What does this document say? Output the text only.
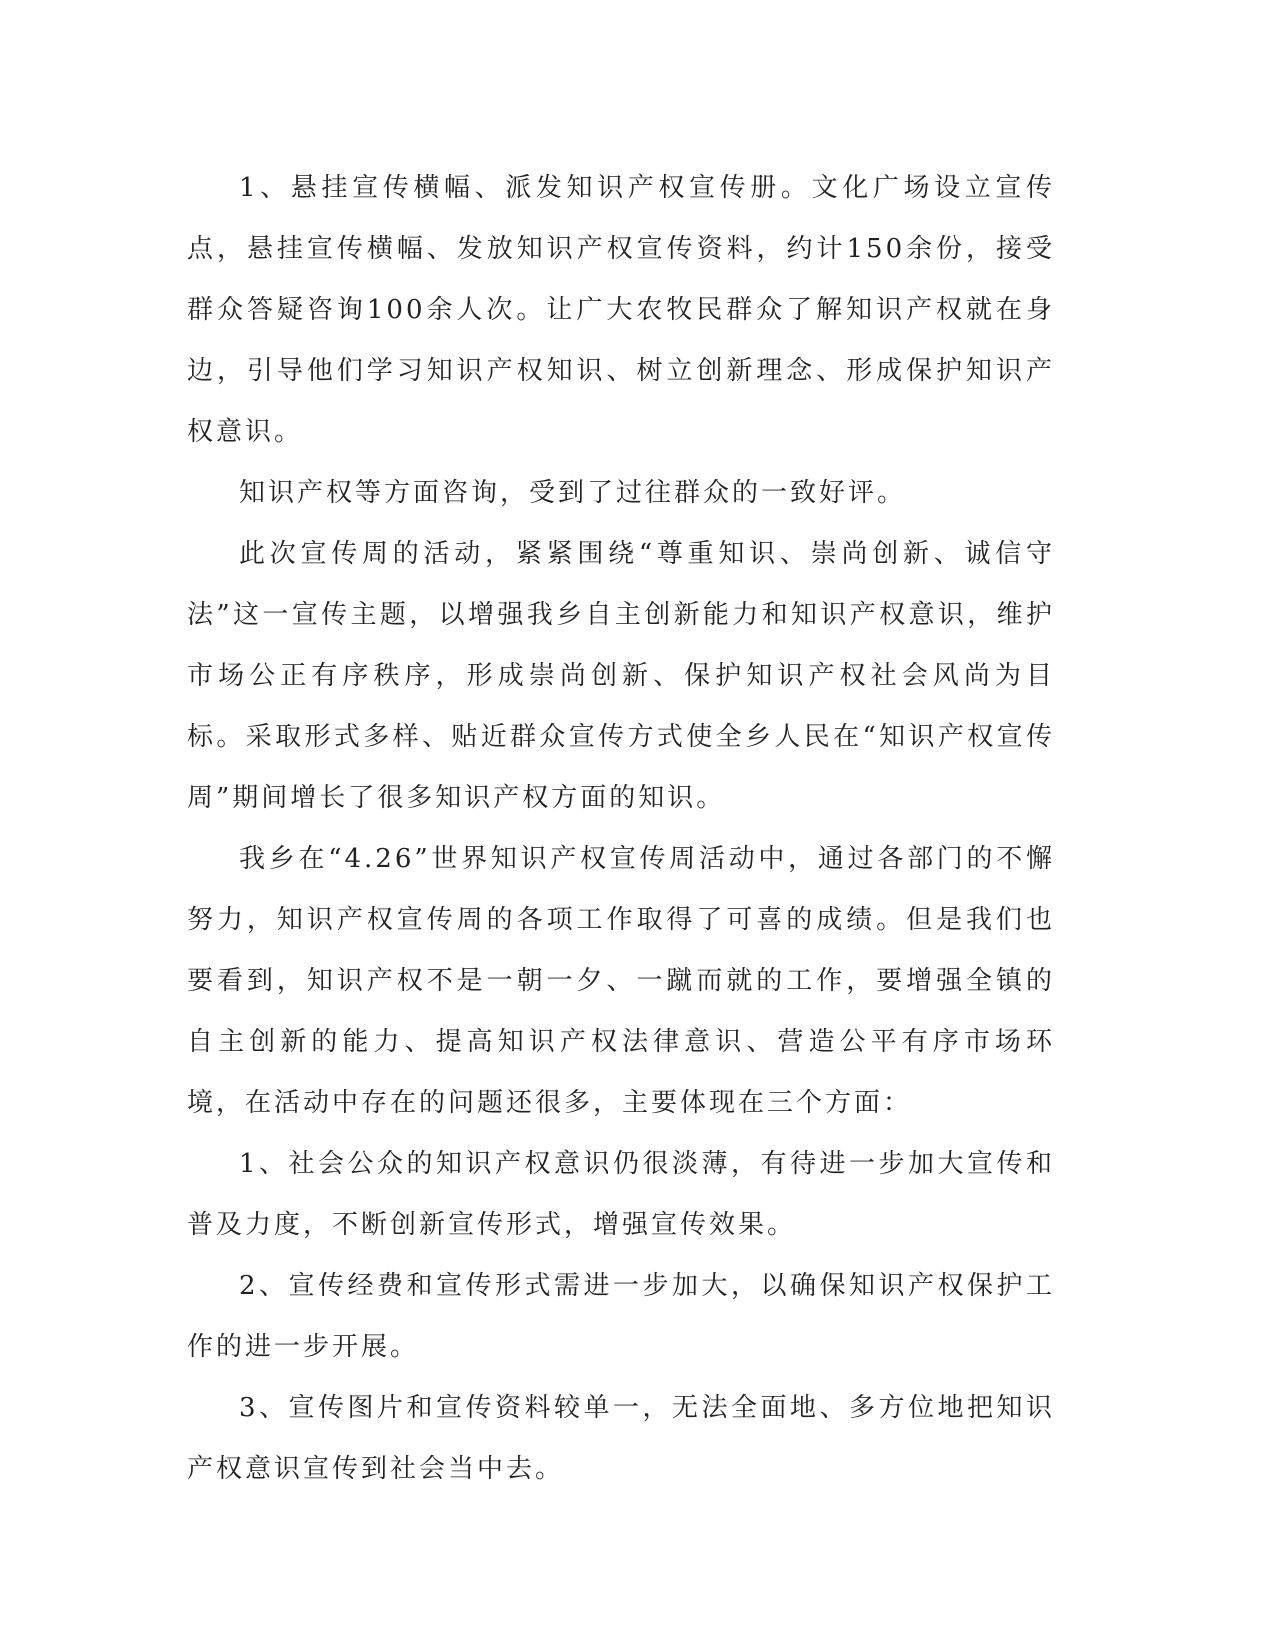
1、悬挂宣传横幅、派发知识产权宣传册。文化广场设立宣传点，悬挂宣传横幅、发放知识产权宣传资料，约计150余份，接受群众答疑咨询100余人次。让广大农牧民群众了解知识产权就在身边，引导他们学习知识产权知识、树立创新理念、形成保护知识产权意识。

知识产权等方面咨询，受到了过往群众的一致好评。

此次宣传周的活动，紧紧围绕“尊重知识、崇尚创新、诚信守法”这一宣传主题，以增强我乡自主创新能力和知识产权意识，维护市场公正有序秩序，形成崇尚创新、保护知识产权社会风尚为目标。采取形式多样、贴近群众宣传方式使全乡人民在“知识产权宣传周”期间增长了很多知识产权方面的知识。

我乡在“4.26”世界知识产权宣传周活动中，通过各部门的不懈努力，知识产权宣传周的各项工作取得了可喜的成绩。但是我们也要看到，知识产权不是一朝一夕、一蹴而就的工作，要增强全镇的自主创新的能力、提高知识产权法律意识、营造公平有序市场环境，在活动中存在的问题还很多，主要体现在三个方面：

1、社会公众的知识产权意识仍很淡薄，有待进一步加大宣传和普及力度，不断创新宣传形式，增强宣传效果。

2、宣传经费和宣传形式需进一步加大，以确保知识产权保护工作的进一步开展。

3、宣传图片和宣传资料较单一，无法全面地、多方位地把知识产权意识宣传到社会当中去。
